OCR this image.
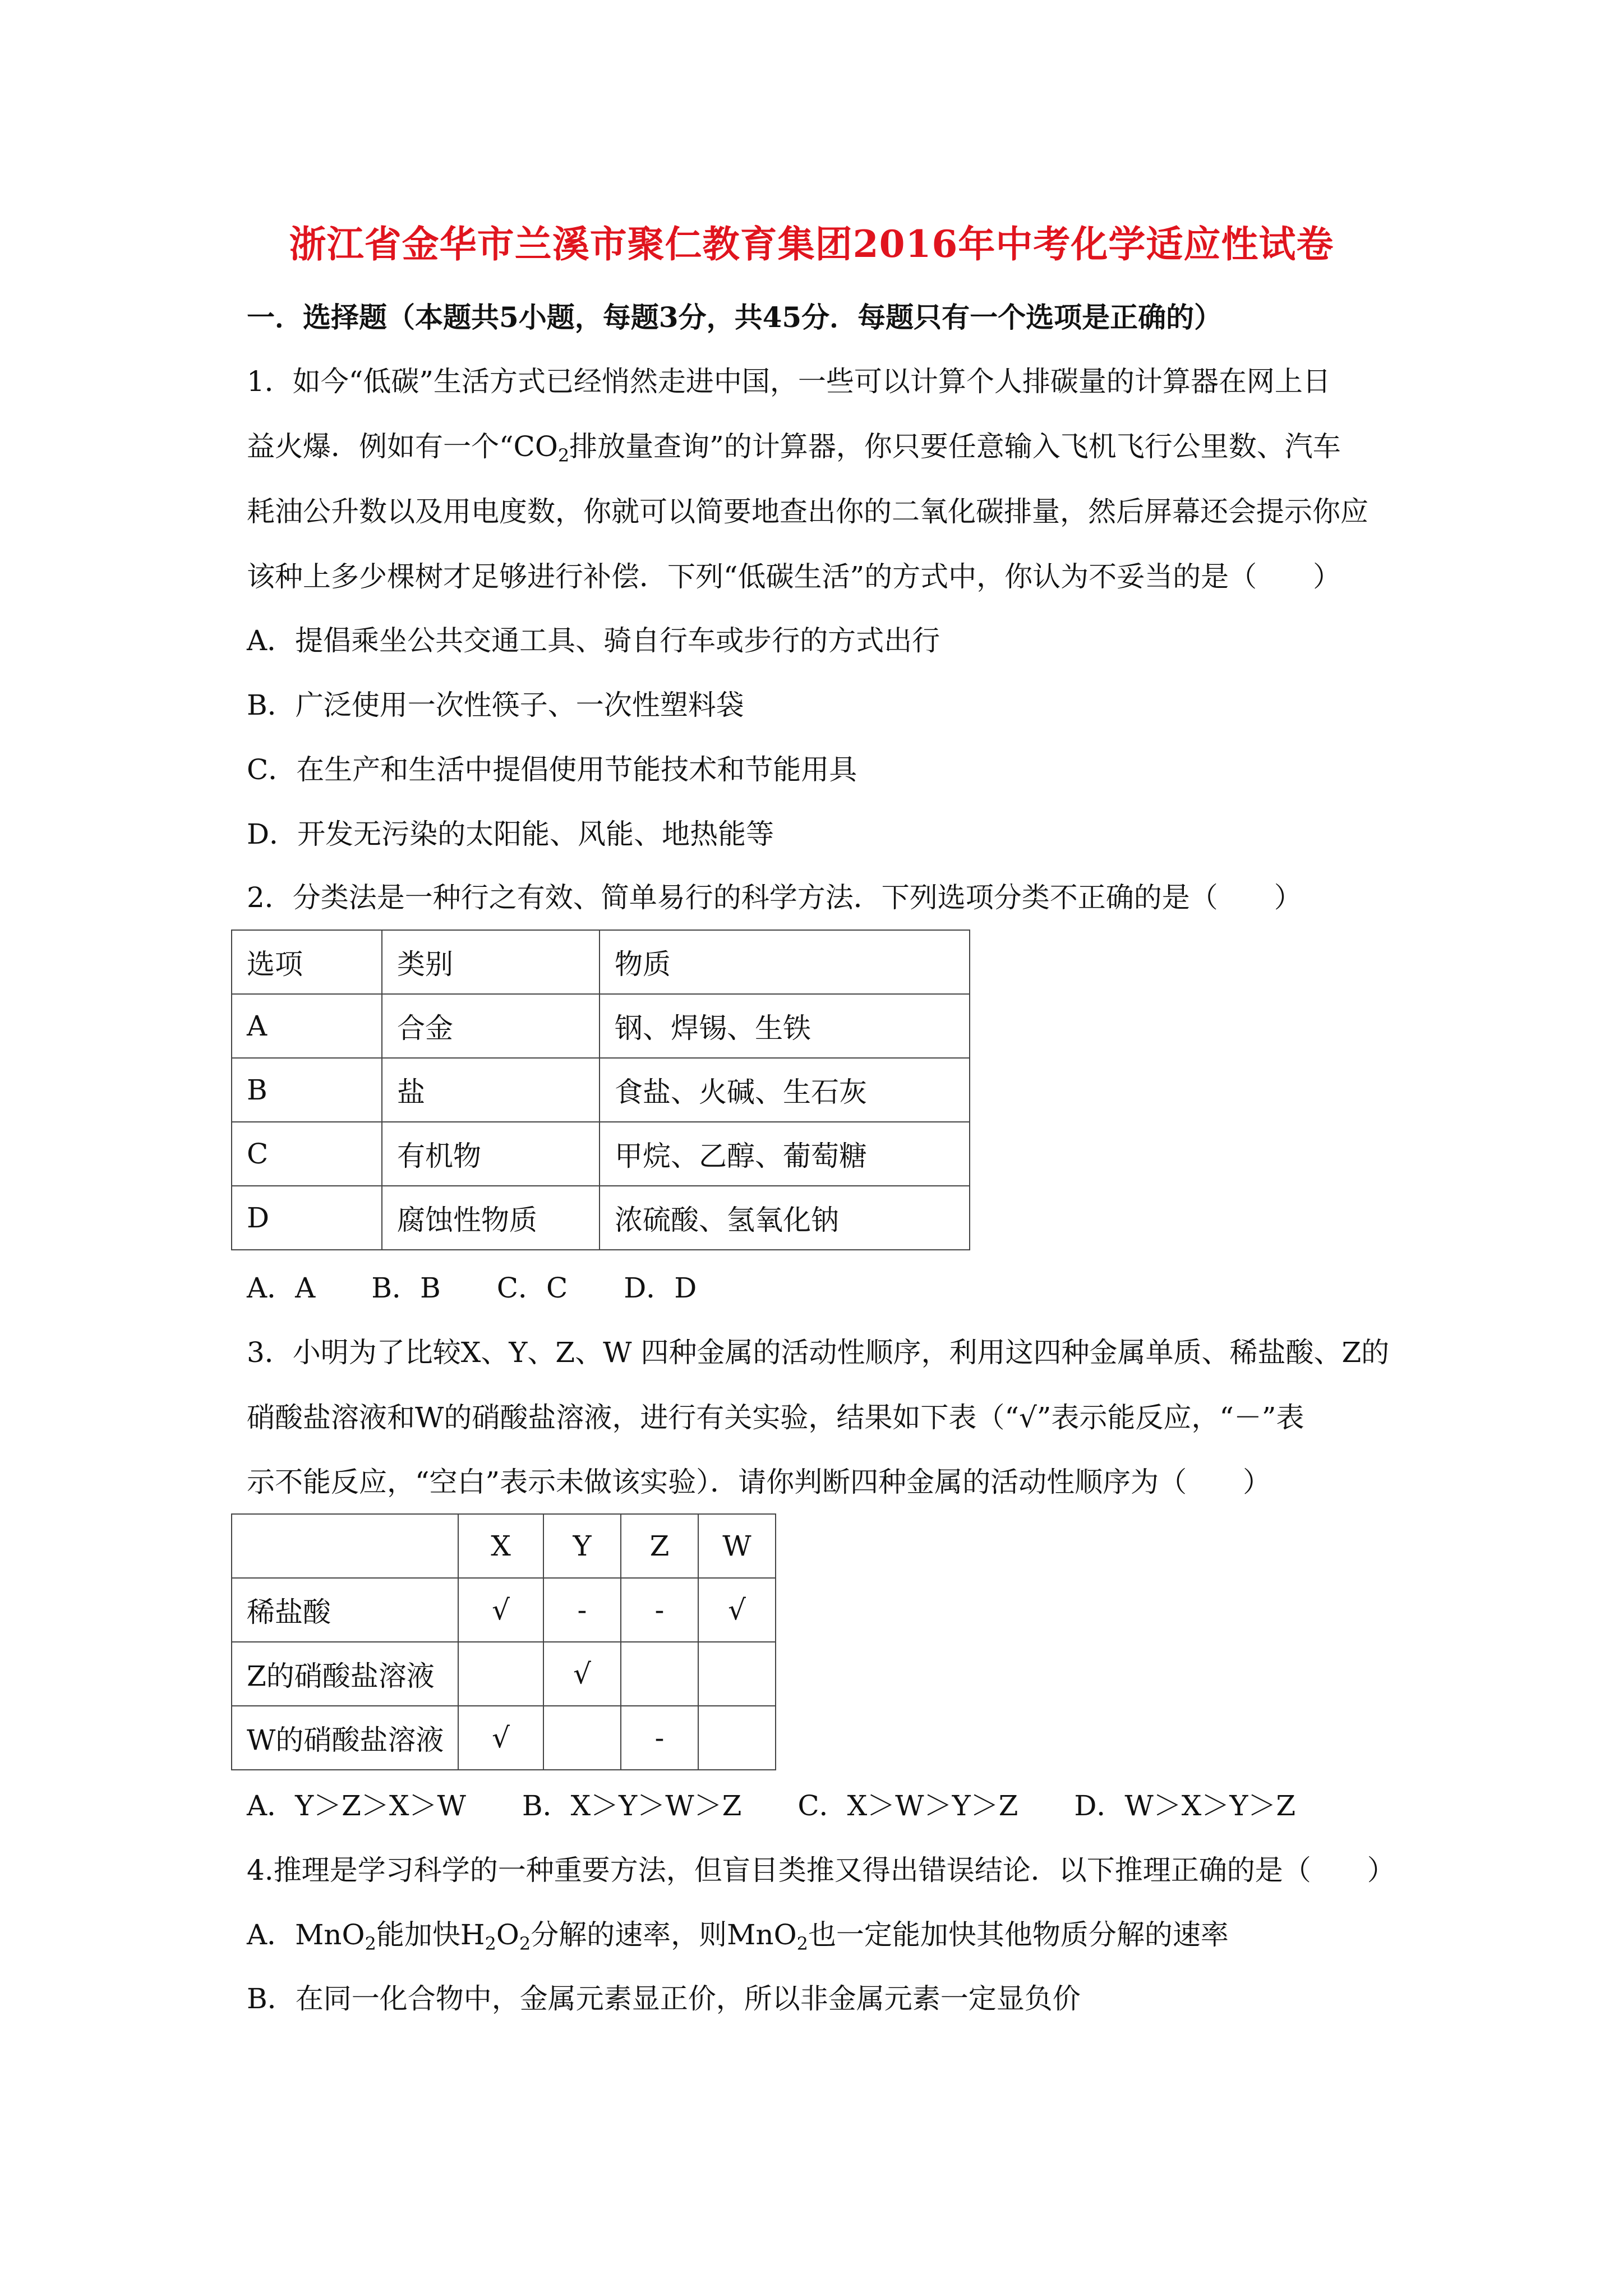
浙江省金华市兰溪市聚仁教育集团2016年中考化学适应性试卷
一．选择题（本题共5小题，每题3分，共45分．每题只有一个选项是正确的）
1．如今“低碳”生活方式已经悄然走进中国，一些可以计算个人排碳量的计算器在网上日
益火爆．例如有一个“$CO_2$排放量查询”的计算器，你只要任意输入飞机飞行公里数、汽车
耗油公升数以及用电度数，你就可以简要地查出你的二氧化碳排量，然后屏幕还会提示你应
该种上多少棵树才足够进行补偿．下列“低碳生活”的方式中，你认为不妥当的是（　　）
A．提倡乘坐公共交通工具、骑自行车或步行的方式出行
B．广泛使用一次性筷子、一次性塑料袋
C．在生产和生活中提倡使用节能技术和节能用具
D．开发无污染的太阳能、风能、地热能等
2．分类法是一种行之有效、简单易行的科学方法．下列选项分类不正确的是（　　）
选项	类别	物质
A	合金	钢、焊锡、生铁
B	盐	食盐、火碱、生石灰
C	有机物	甲烷、乙醇、葡萄糖
D	腐蚀性物质	浓硫酸、氢氧化钠
A．A　　B．B　　C．C　　D．D
3．小明为了比较X、Y、Z、W 四种金属的活动性顺序，利用这四种金属单质、稀盐酸、Z的
硝酸盐溶液和W的硝酸盐溶液，进行有关实验，结果如下表（“√”表示能反应，“－”表
示不能反应，“空白”表示未做该实验）．请你判断四种金属的活动性顺序为（　　）
	X	Y	Z	W
稀盐酸	√	-	-	√
Z的硝酸盐溶液		√		
W的硝酸盐溶液	√		-	
A．Y＞Z＞X＞W　　B．X＞Y＞W＞Z　　C．X＞W＞Y＞Z　　D．W＞X＞Y＞Z
4.推理是学习科学的一种重要方法，但盲目类推又得出错误结论．以下推理正确的是（　　）
A．MnO$_2$能加快$H_2O_2$分解的速率，则MnO$_2$也一定能加快其他物质分解的速率
B．在同一化合物中，金属元素显正价，所以非金属元素一定显负价
